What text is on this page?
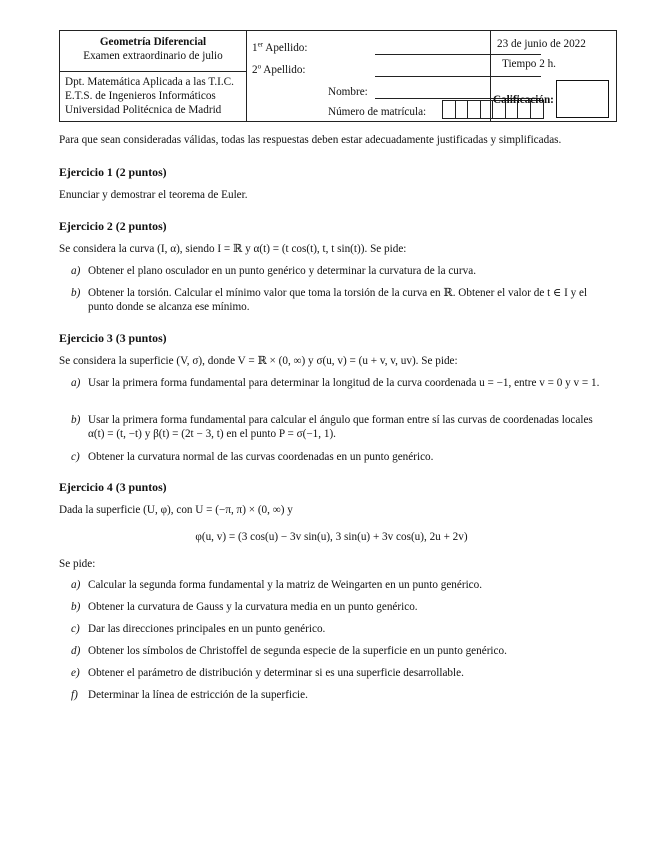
Geometría Diferencial
Examen extraordinario de julio
Dpt. Matemática Aplicada a las T.I.C.
E.T.S. de Ingenieros Informáticos
Universidad Politécnica de Madrid
1er Apellido:
2$^o$ Apellido:
Nombre:
Número de matrícula:
23 de junio de 2022
Tiempo 2 h.
Calificación:
Para que sean consideradas válidas, todas las respuestas deben estar adecuadamente justificadas y simplificadas.
Ejercicio 1 (2 puntos)
Enunciar y demostrar el teorema de Euler.
Ejercicio 2 (2 puntos)
Se considera la curva (I, α), siendo I = ℝ y α(t) = (t cos(t), t, t sin(t)). Se pide:
a) Obtener el plano osculador en un punto genérico y determinar la curvatura de la curva.
b) Obtener la torsión. Calcular el mínimo valor que toma la torsión de la curva en ℝ. Obtener el valor de t ∈ I y el punto donde se alcanza ese mínimo.
Ejercicio 3 (3 puntos)
Se considera la superficie (V, σ), donde V = ℝ × (0, ∞) y σ(u, v) = (u + v, v, uv). Se pide:
a) Usar la primera forma fundamental para determinar la longitud de la curva coordenada u = −1, entre v = 0 y v = 1.
b) Usar la primera forma fundamental para calcular el ángulo que forman entre sí las curvas de coordenadas locales α(t) = (t, −t) y β(t) = (2t − 3, t) en el punto P = σ(−1, 1).
c) Obtener la curvatura normal de las curvas coordenadas en un punto genérico.
Ejercicio 4 (3 puntos)
Dada la superficie (U, φ), con U = (−π, π) × (0, ∞) y
φ(u, v) = (3 cos(u) − 3v sin(u), 3 sin(u) + 3v cos(u), 2u + 2v)
Se pide:
a) Calcular la segunda forma fundamental y la matriz de Weingarten en un punto genérico.
b) Obtener la curvatura de Gauss y la curvatura media en un punto genérico.
c) Dar las direcciones principales en un punto genérico.
d) Obtener los símbolos de Christoffel de segunda especie de la superficie en un punto genérico.
e) Obtener el parámetro de distribución y determinar si es una superficie desarrollable.
f) Determinar la línea de estricción de la superficie.
